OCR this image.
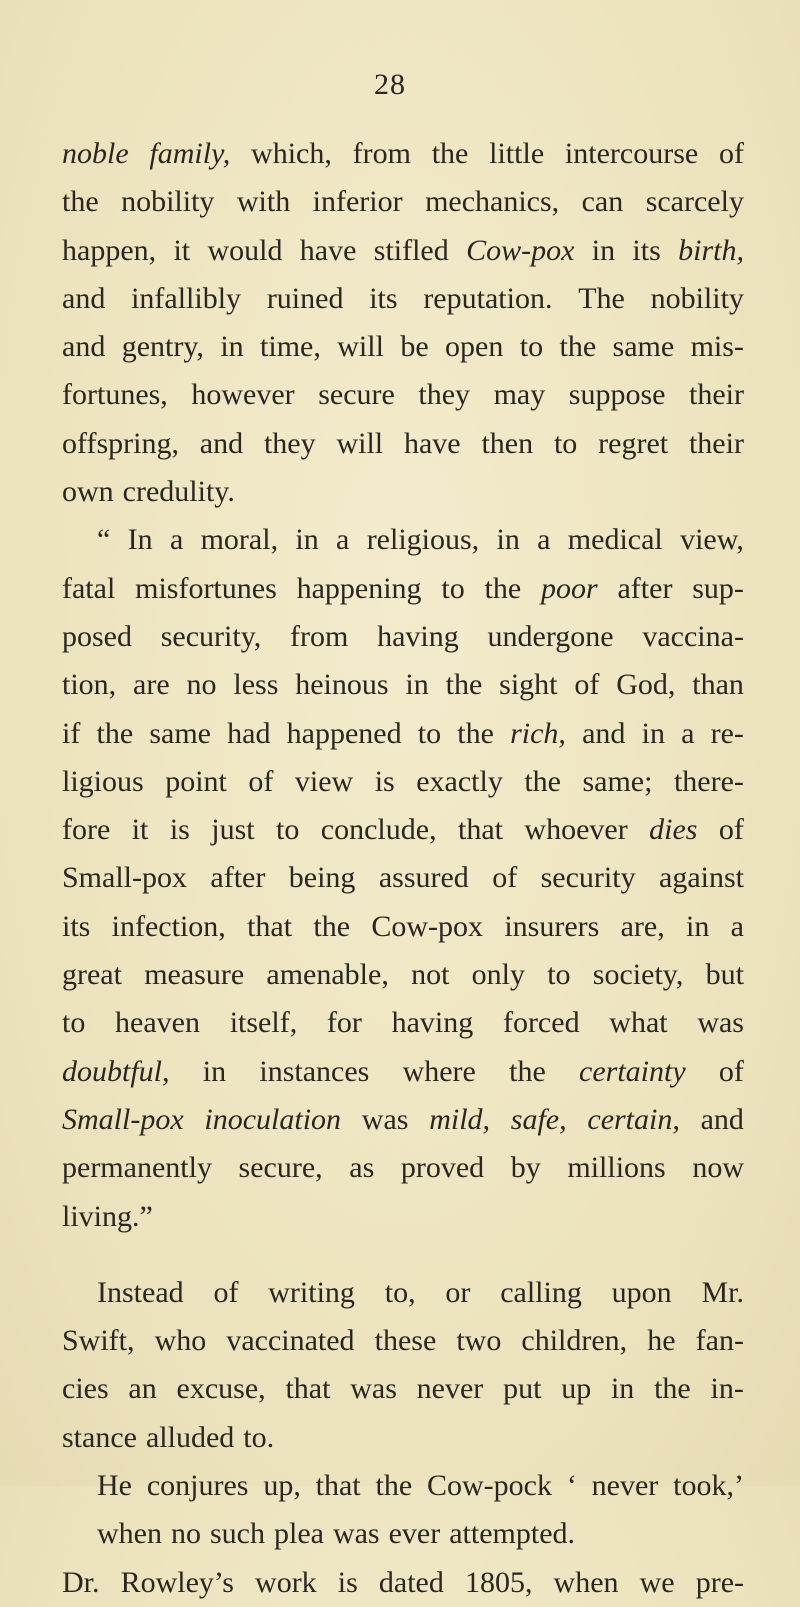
28
noble family, which, from the little intercourse of
the nobility with inferior mechanics, can scarcely
happen, it would have stifled Cow-pox in its birth,
and infallibly ruined its reputation. The nobility
and gentry, in time, will be open to the same mis-
fortunes, however secure they may suppose their
offspring, and they will have then to regret their
own credulity.
“ In a moral, in a religious, in a medical view,
fatal misfortunes happening to the poor after sup-
posed security, from having undergone vaccina-
tion, are no less heinous in the sight of God, than
if the same had happened to the rich, and in a re-
ligious point of view is exactly the same; there-
fore it is just to conclude, that whoever dies of
Small-pox after being assured of security against
its infection, that the Cow-pox insurers are, in a
great measure amenable, not only to society, but
to heaven itself, for having forced what was
doubtful, in instances where the certainty of
Small-pox inoculation was mild, safe, certain, and
permanently secure, as proved by millions now
living.”
Instead of writing to, or calling upon Mr.
Swift, who vaccinated these two children, he fan-
cies an excuse, that was never put up in the in-
stance alluded to.
He conjures up, that the Cow-pock ‘ never took,’
when no such plea was ever attempted.
Dr. Rowley’s work is dated 1805, when we pre-
